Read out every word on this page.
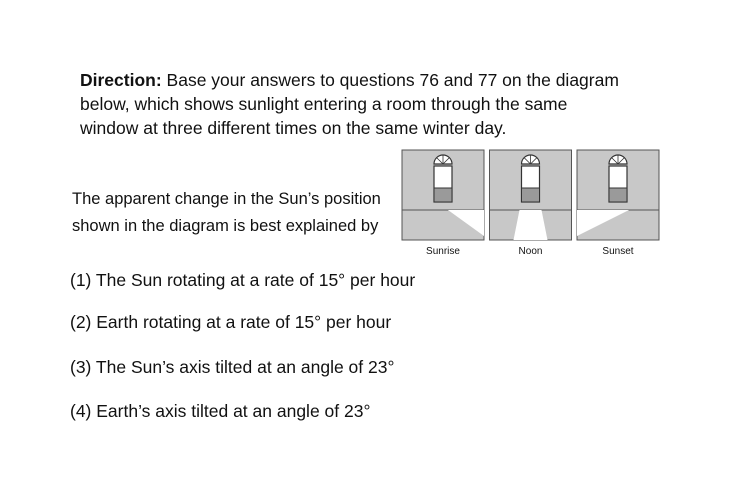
Direction: Base your answers to questions 76 and 77 on the diagram
below, which shows sunlight entering a room through the same
window at three different times on the same winter day.
The apparent change in the Sun’s position
shown in the diagram is best explained by
Sunrise	Noon	Sunset
(1) The Sun rotating at a rate of 15° per hour
(2) Earth rotating at a rate of 15° per hour
(3) The Sun’s axis tilted at an angle of 23°
(4) Earth’s axis tilted at an angle of 23°
